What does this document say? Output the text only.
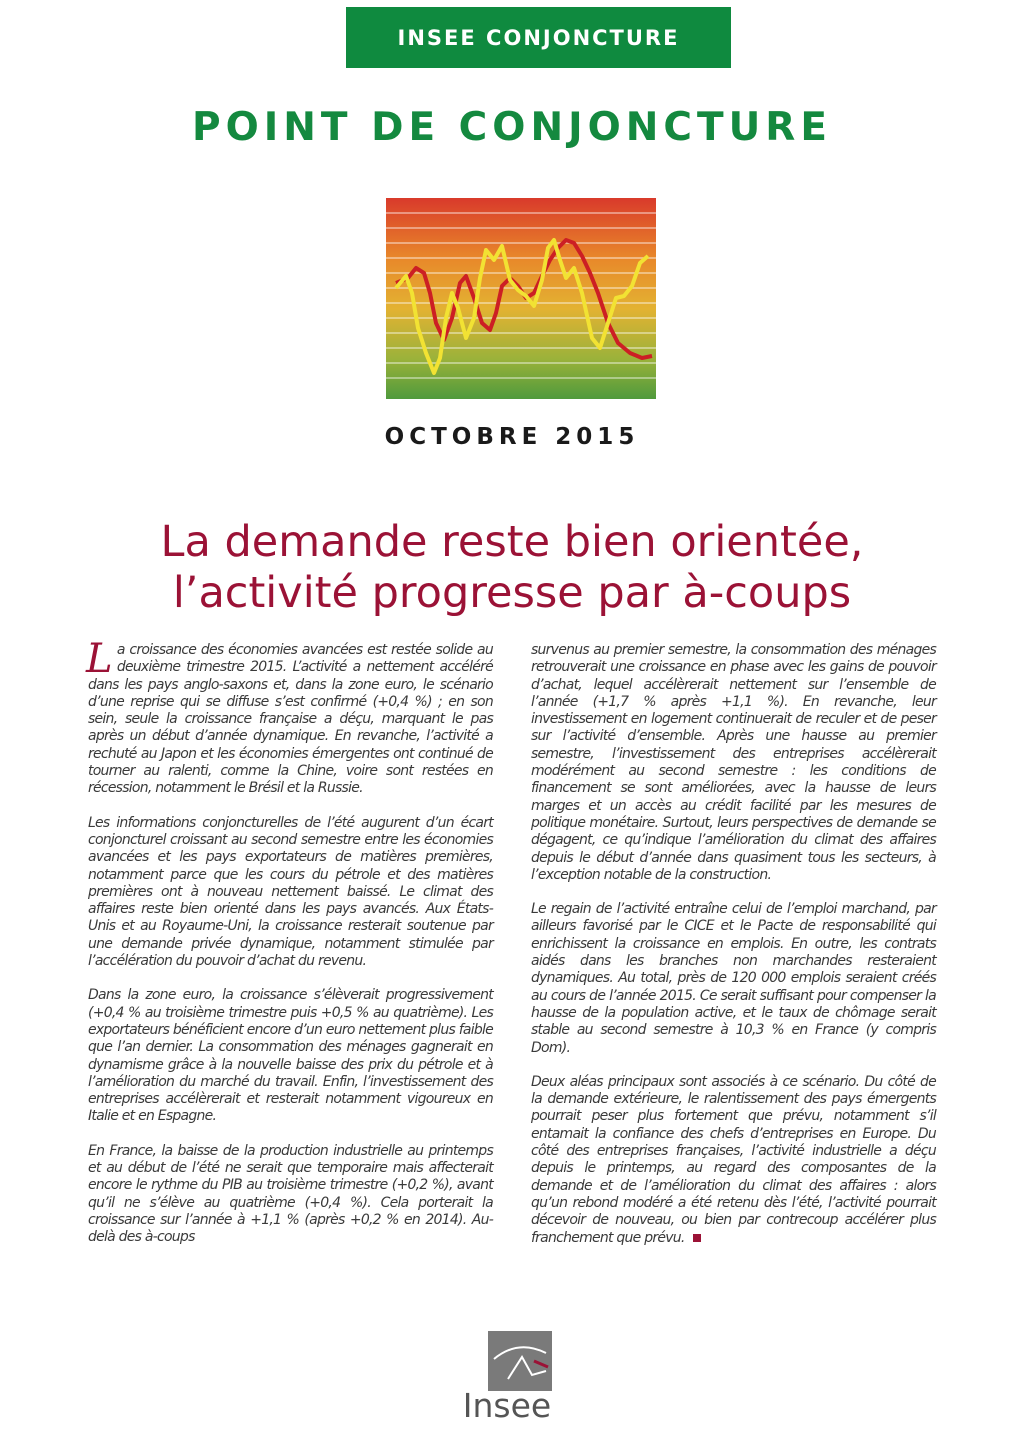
INSEE CONJONCTURE
POINT DE CONJONCTURE
OCTOBRE 2015
La demande reste bien orientée,
l’activité progresse par à-coups

La croissance des économies avancées est restée solide au deuxième trimestre 2015. L’activité a nettement accéléré dans les pays anglo-saxons et, dans la zone euro, le scénario d’une reprise qui se diffuse s’est confirmé (+0,4 %) ; en son sein, seule la croissance française a déçu, marquant le pas après un début d’année dynamique. En revanche, l’activité a rechuté au Japon et les économies émergentes ont continué de tourner au ralenti, comme la Chine, voire sont restées en récession, notamment le Brésil et la Russie.

Les informations conjoncturelles de l’été augurent d’un écart conjoncturel croissant au second semestre entre les économies avancées et les pays exportateurs de matières premières, notamment parce que les cours du pétrole et des matières premières ont à nouveau nettement baissé. Le climat des affaires reste bien orienté dans les pays avancés. Aux États-Unis et au Royaume-Uni, la croissance resterait soutenue par une demande privée dynamique, notamment stimulée par l’accélération du pouvoir d’achat du revenu.

Dans la zone euro, la croissance s’élèverait progressivement (+0,4 % au troisième trimestre puis +0,5 % au quatrième). Les exportateurs bénéficient encore d’un euro nettement plus faible que l’an dernier. La consommation des ménages gagnerait en dynamisme grâce à la nouvelle baisse des prix du pétrole et à l’amélioration du marché du travail. Enfin, l’investissement des entreprises accélèrerait et resterait notamment vigoureux en Italie et en Espagne.

En France, la baisse de la production industrielle au printemps et au début de l’été ne serait que temporaire mais affecterait encore le rythme du PIB au troisième trimestre (+0,2 %), avant qu’il ne s’élève au quatrième (+0,4 %). Cela porterait la croissance sur l’année à +1,1 % (après +0,2 % en 2014). Au-delà des à-coups

survenus au premier semestre, la consommation des ménages retrouverait une croissance en phase avec les gains de pouvoir d’achat, lequel accélèrerait nettement sur l’ensemble de l’année (+1,7 % après +1,1 %). En revanche, leur investissement en logement continuerait de reculer et de peser sur l’activité d’ensemble. Après une hausse au premier semestre, l’investissement des entreprises accélèrerait modérément au second semestre : les conditions de financement se sont améliorées, avec la hausse de leurs marges et un accès au crédit facilité par les mesures de politique monétaire. Surtout, leurs perspectives de demande se dégagent, ce qu’indique l’amélioration du climat des affaires depuis le début d’année dans quasiment tous les secteurs, à l’exception notable de la construction.

Le regain de l’activité entraîne celui de l’emploi marchand, par ailleurs favorisé par le CICE et le Pacte de responsabilité qui enrichissent la croissance en emplois. En outre, les contrats aidés dans les branches non marchandes resteraient dynamiques. Au total, près de 120 000 emplois seraient créés au cours de l’année 2015. Ce serait suffisant pour compenser la hausse de la population active, et le taux de chômage serait stable au second semestre à 10,3 % en France (y compris Dom).

Deux aléas principaux sont associés à ce scénario. Du côté de la demande extérieure, le ralentissement des pays émergents pourrait peser plus fortement que prévu, notamment s’il entamait la confiance des chefs d’entreprises en Europe. Du côté des entreprises françaises, l’activité industrielle a déçu depuis le printemps, au regard des composantes de la demande et de l’amélioration du climat des affaires : alors qu’un rebond modéré a été retenu dès l’été, l’activité pourrait décevoir de nouveau, ou bien par contrecoup accélérer plus franchement que prévu.

Insee
